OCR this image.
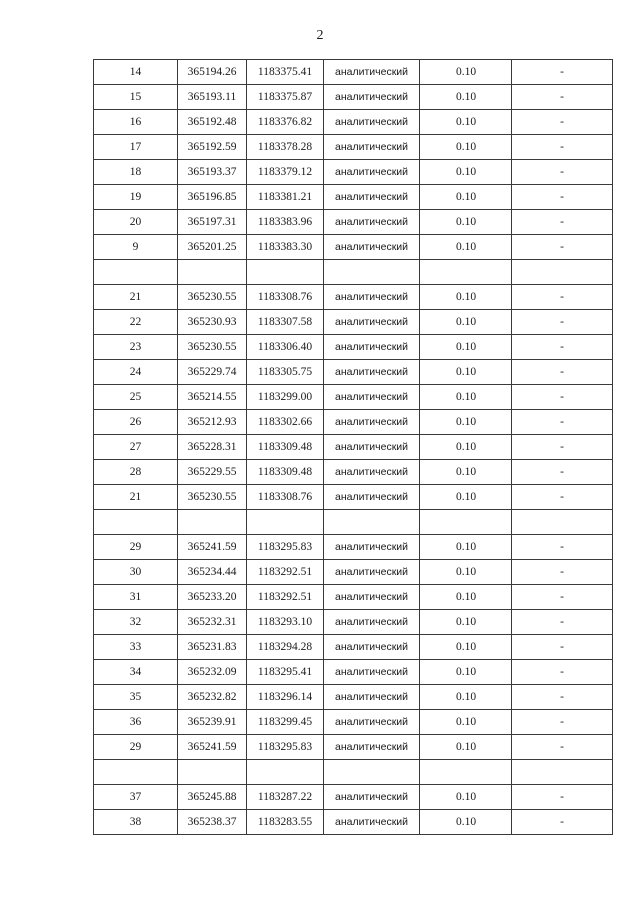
2
14	365194.26	1183375.41	аналитический	0.10	-
15	365193.11	1183375.87	аналитический	0.10	-
16	365192.48	1183376.82	аналитический	0.10	-
17	365192.59	1183378.28	аналитический	0.10	-
18	365193.37	1183379.12	аналитический	0.10	-
19	365196.85	1183381.21	аналитический	0.10	-
20	365197.31	1183383.96	аналитический	0.10	-
9	365201.25	1183383.30	аналитический	0.10	-

21	365230.55	1183308.76	аналитический	0.10	-
22	365230.93	1183307.58	аналитический	0.10	-
23	365230.55	1183306.40	аналитический	0.10	-
24	365229.74	1183305.75	аналитический	0.10	-
25	365214.55	1183299.00	аналитический	0.10	-
26	365212.93	1183302.66	аналитический	0.10	-
27	365228.31	1183309.48	аналитический	0.10	-
28	365229.55	1183309.48	аналитический	0.10	-
21	365230.55	1183308.76	аналитический	0.10	-

29	365241.59	1183295.83	аналитический	0.10	-
30	365234.44	1183292.51	аналитический	0.10	-
31	365233.20	1183292.51	аналитический	0.10	-
32	365232.31	1183293.10	аналитический	0.10	-
33	365231.83	1183294.28	аналитический	0.10	-
34	365232.09	1183295.41	аналитический	0.10	-
35	365232.82	1183296.14	аналитический	0.10	-
36	365239.91	1183299.45	аналитический	0.10	-
29	365241.59	1183295.83	аналитический	0.10	-

37	365245.88	1183287.22	аналитический	0.10	-
38	365238.37	1183283.55	аналитический	0.10	-
